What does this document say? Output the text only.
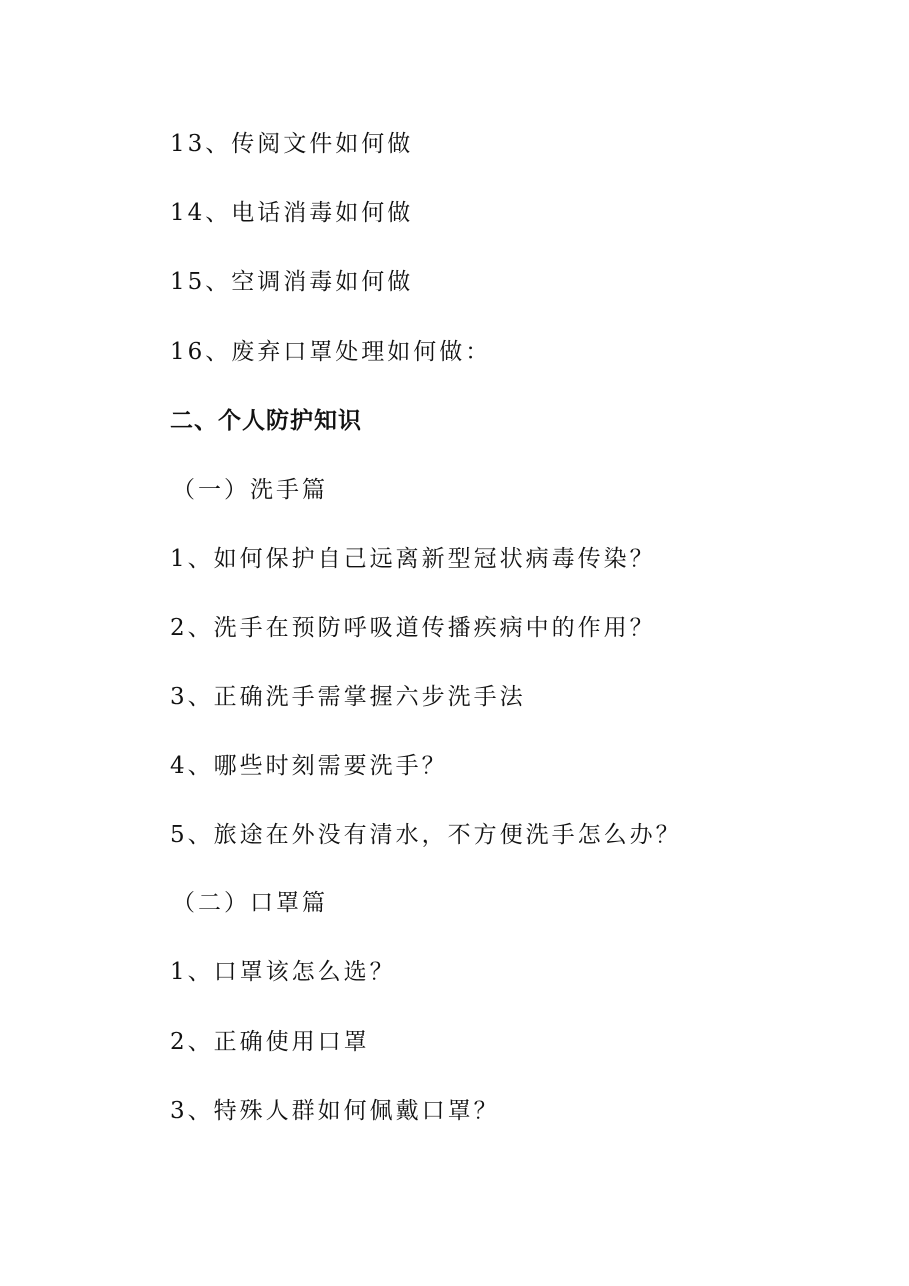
13、传阅文件如何做
14、电话消毒如何做
15、空调消毒如何做
16、废弃口罩处理如何做：
二、个人防护知识
（一）洗手篇
1、如何保护自己远离新型冠状病毒传染？
2、洗手在预防呼吸道传播疾病中的作用？
3、正确洗手需掌握六步洗手法
4、哪些时刻需要洗手？
5、旅途在外没有清水，不方便洗手怎么办？
（二）口罩篇
1、口罩该怎么选？
2、正确使用口罩
3、特殊人群如何佩戴口罩？
